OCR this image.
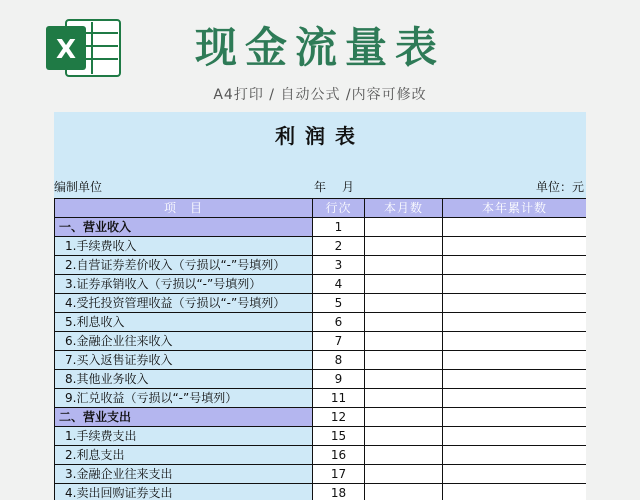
X	现金流量表
A4打印 / 自动公式 /内容可修改
利润表
编制单位	年　月	单位：元
项　目	行次	本月数	本年累计数
一、营业收入	1		
1.手续费收入	2		
2.自营证券差价收入（亏损以“-”号填列）	3		
3.证券承销收入（亏损以“-”号填列）	4		
4.受托投资管理收益（亏损以“-”号填列）	5		
5.利息收入	6		
6.金融企业往来收入	7		
7.买入返售证券收入	8		
8.其他业务收入	9		
9.汇兑收益（亏损以“-”号填列）	11		
二、营业支出	12		
1.手续费支出	15		
2.利息支出	16		
3.金融企业往来支出	17		
4.卖出回购证券支出	18		
